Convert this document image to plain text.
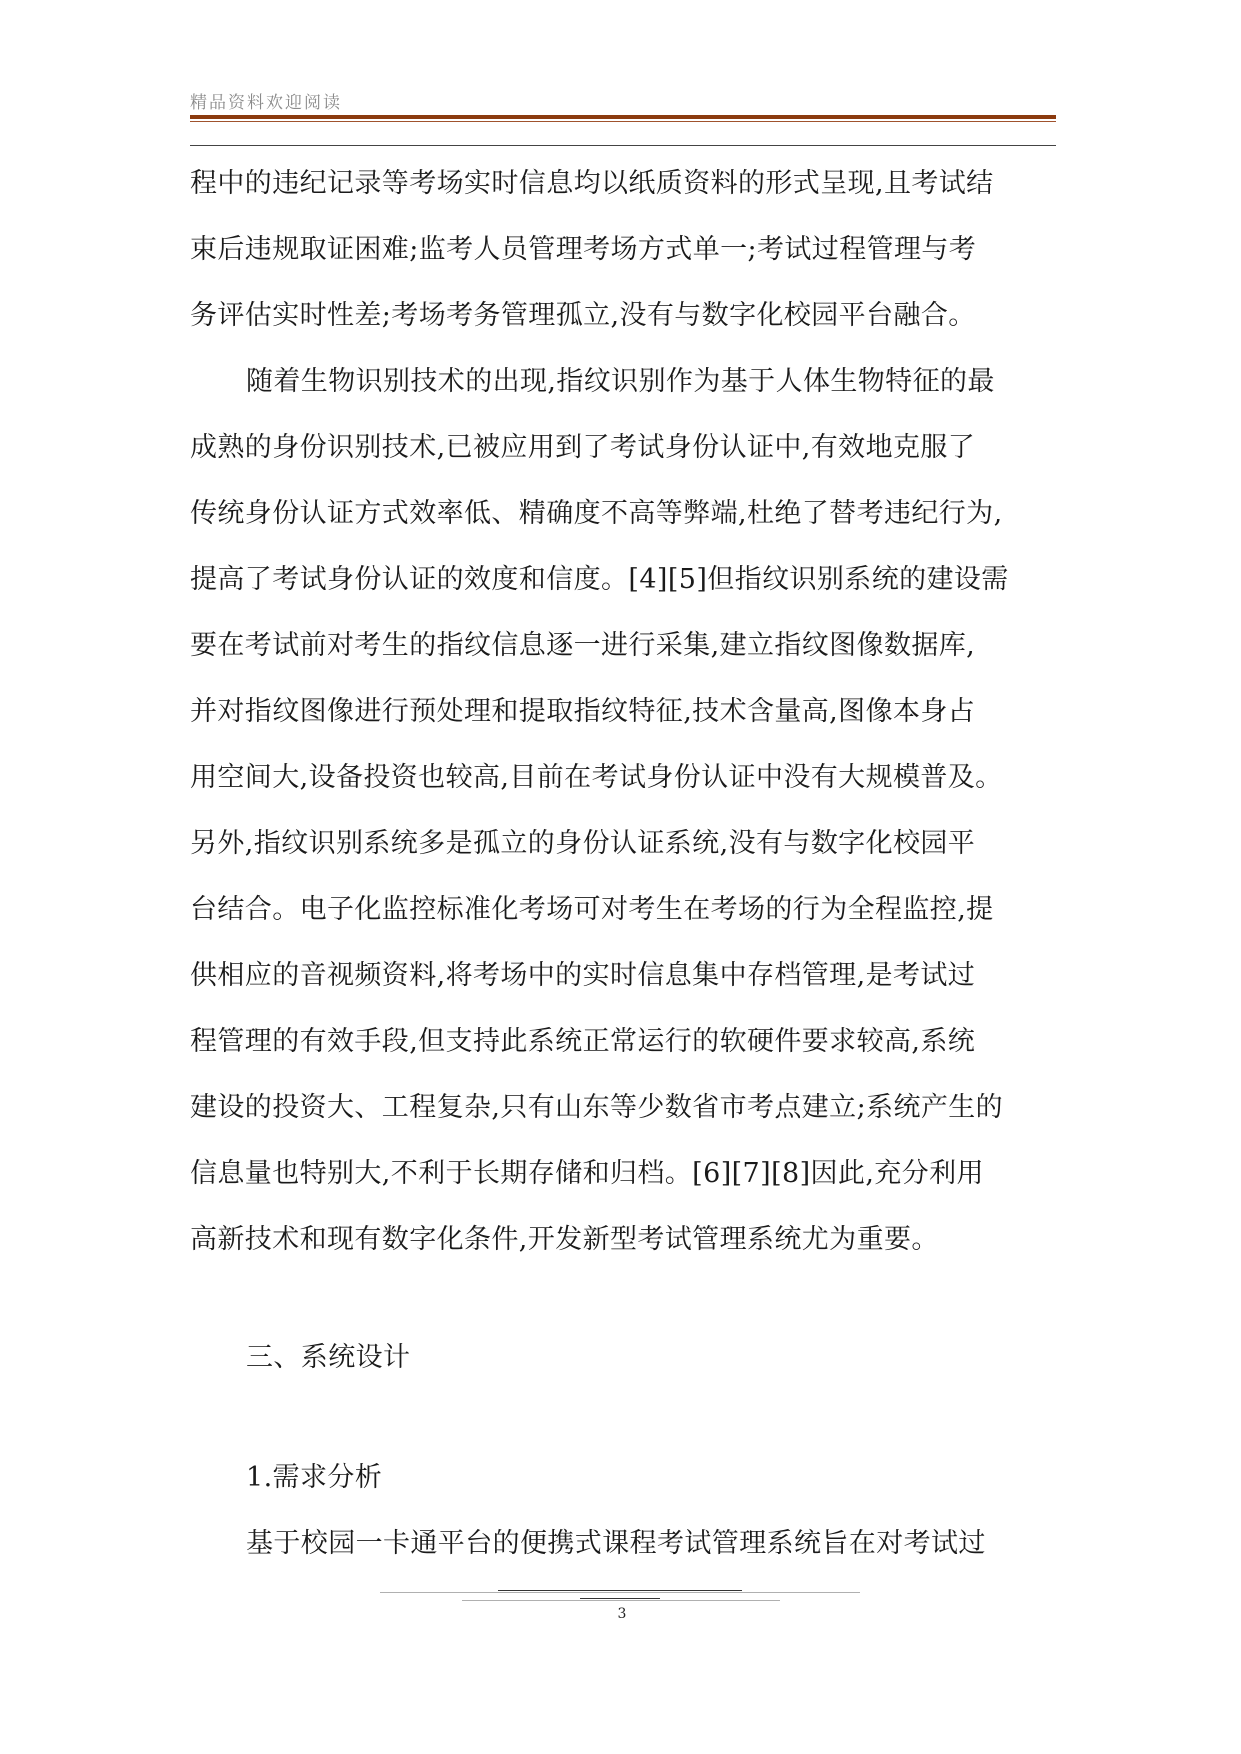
精品资料欢迎阅读
程中的违纪记录等考场实时信息均以纸质资料的形式呈现,且考试结
束后违规取证困难;监考人员管理考场方式单一;考试过程管理与考
务评估实时性差;考场考务管理孤立,没有与数字化校园平台融合。
随着生物识别技术的出现,指纹识别作为基于人体生物特征的最
成熟的身份识别技术,已被应用到了考试身份认证中,有效地克服了
传统身份认证方式效率低、精确度不高等弊端,杜绝了替考违纪行为,
提高了考试身份认证的效度和信度。[4][5]但指纹识别系统的建设需
要在考试前对考生的指纹信息逐一进行采集,建立指纹图像数据库,
并对指纹图像进行预处理和提取指纹特征,技术含量高,图像本身占
用空间大,设备投资也较高,目前在考试身份认证中没有大规模普及。
另外,指纹识别系统多是孤立的身份认证系统,没有与数字化校园平
台结合。电子化监控标准化考场可对考生在考场的行为全程监控,提
供相应的音视频资料,将考场中的实时信息集中存档管理,是考试过
程管理的有效手段,但支持此系统正常运行的软硬件要求较高,系统
建设的投资大、工程复杂,只有山东等少数省市考点建立;系统产生的
信息量也特别大,不利于长期存储和归档。[6][7][8]因此,充分利用
高新技术和现有数字化条件,开发新型考试管理系统尤为重要。
三、系统设计
1.需求分析
基于校园一卡通平台的便携式课程考试管理系统旨在对考试过
3
